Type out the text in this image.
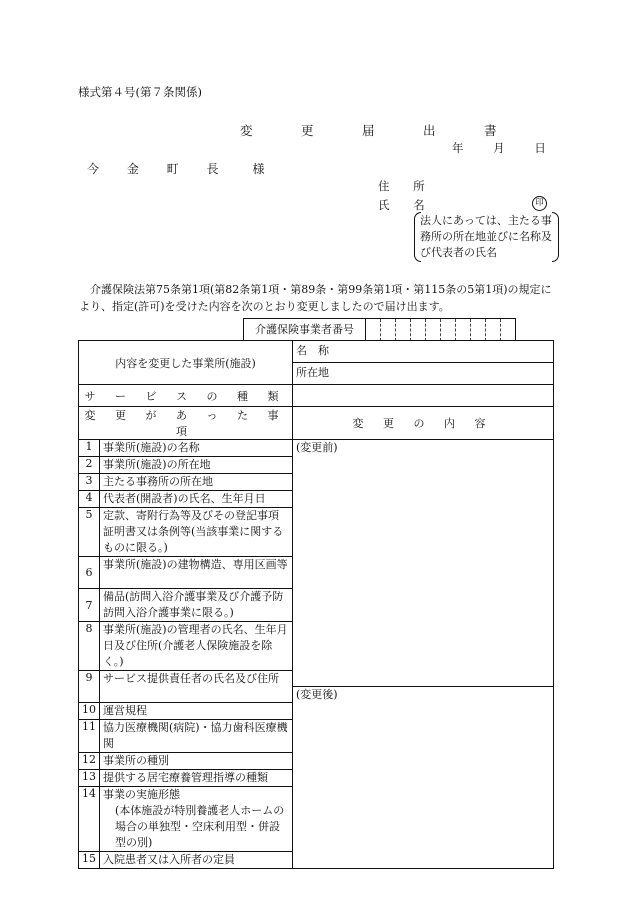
様式第４号(第７条関係)
変　更　届　出　書
年 月 日
今 金 町 長 様
住 所
氏 名	印
法人にあっては、主たる事務所の所在地並びに名称及び代表者の氏名
介護保険法第75条第1項(第82条第1項・第89条・第99条第1項・第115条の5第1項)の規定により、指定(許可)を受けた内容を次のとおり変更しましたので届け出ます。
介護保険事業者番号
内容を変更した事業所(施設)		名　称
		所在地
サ ー ビ ス の 種 類		
変 更 が あ っ た 事 項		変 更 の 内 容
1	事業所(施設)の名称	(変更前)
2	事業所(施設)の所在地	
3	主たる事務所の所在地	
4	代表者(開設者)の氏名、生年月日	
5	定款、寄附行為等及びその登記事項証明書又は条例等(当該事業に関するものに限る。)	
6	事業所(施設)の建物構造、専用区画等	
7	備品(訪問入浴介護事業及び介護予防訪問入浴介護事業に限る。)	
8	事業所(施設)の管理者の氏名、生年月日及び住所(介護老人保険施設を除く。)	
9	サービス提供責任者の氏名及び住所	
		(変更後)
10	運営規程	
11	協力医療機関(病院)・協力歯科医療機関	
12	事業所の種別	
13	提供する居宅療養管理指導の種類	
14	事業の実施形態
(本体施設が特別養護老人ホームの場合の単独型・空床利用型・併設型の別)	

15	入院患者又は入所者の定員	
